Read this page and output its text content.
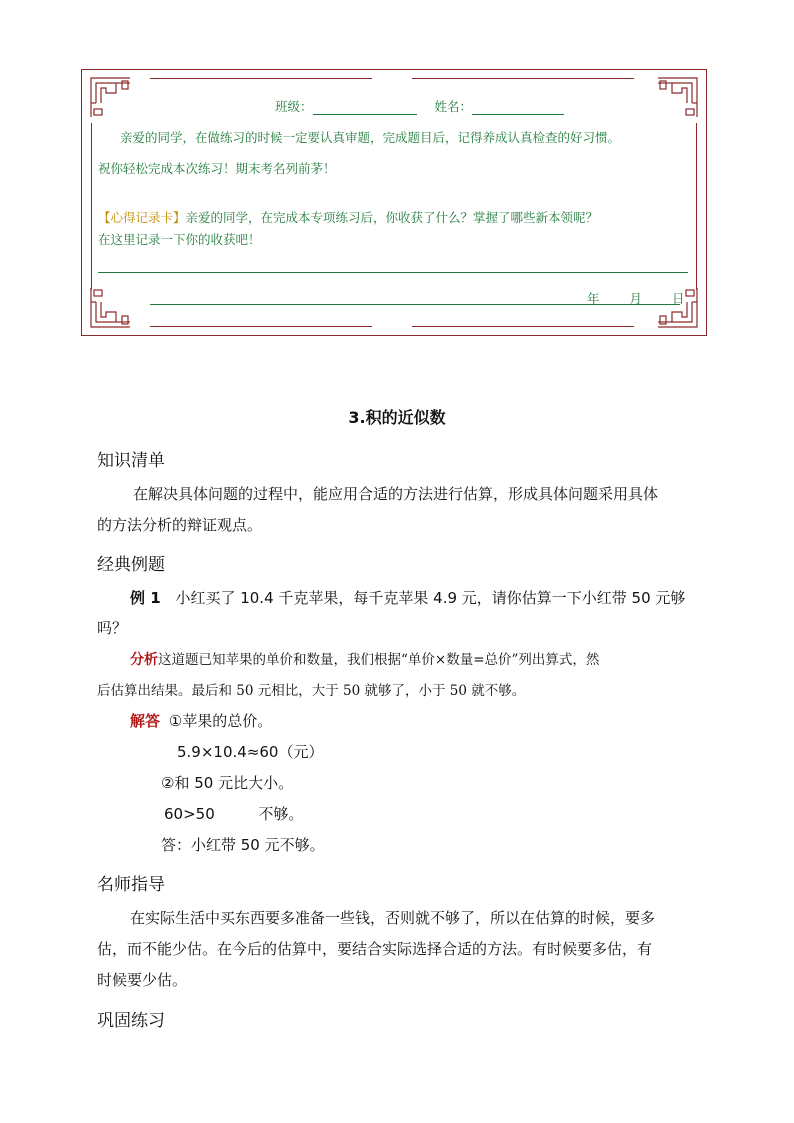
班级：	姓名：
亲爱的同学，在做练习的时候一定要认真审题，完成题目后，记得养成认真检查的好习惯。
祝你轻松完成本次练习！期末考名列前茅！
【心得记录卡】亲爱的同学，在完成本专项练习后，你收获了什么？掌握了哪些新本领呢？
在这里记录一下你的收获吧！
年 月 日
3.积的近似数
知识清单
在解决具体问题的过程中，能应用合适的方法进行估算，形成具体问题采用具体
的方法分析的辩证观点。
经典例题
例 1 小红买了 10.4 千克苹果，每千克苹果 4.9 元，请你估算一下小红带 50 元够
吗？
分析这道题已知苹果的单价和数量，我们根据“单价×数量=总价”列出算式，然
后估算出结果。最后和 50 元相比，大于 50 就够了，小于 50 就不够。
解答 ①苹果的总价。
5.9×10.4≈60（元）
②和 50 元比大小。
60>50	不够。
答：小红带 50 元不够。
名师指导
在实际生活中买东西要多准备一些钱，否则就不够了，所以在估算的时候，要多
估，而不能少估。在今后的估算中，要结合实际选择合适的方法。有时候要多估，有
时候要少估。
巩固练习
